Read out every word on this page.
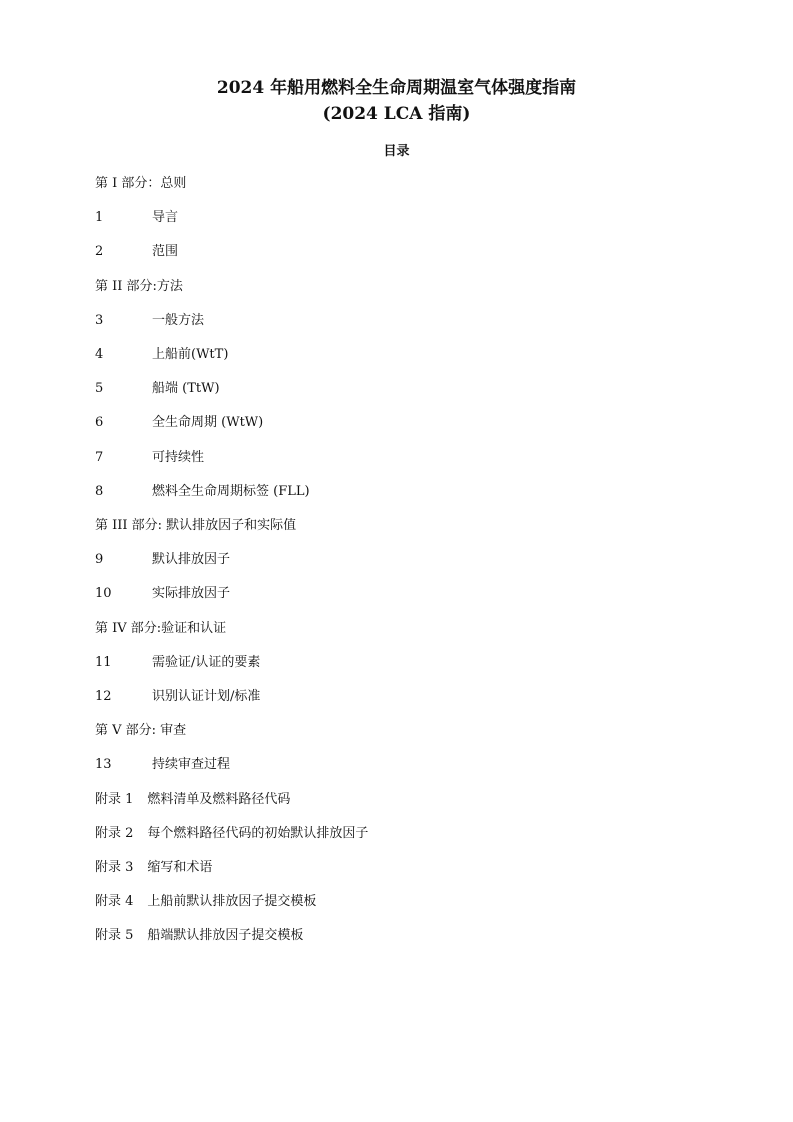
2024 年船用燃料全生命周期温室气体强度指南
(2024 LCA 指南)
目录
第 I 部分：总则
1	导言
2	范围
第 II 部分:方法
3	一般方法
4	上船前(WtT)
5	船端 (TtW)
6	全生命周期 (WtW)
7	可持续性
8	燃料全生命周期标签 (FLL)
第 III 部分: 默认排放因子和实际值
9	默认排放因子
10	实际排放因子
第 IV 部分:验证和认证
11	需验证/认证的要素
12	识别认证计划/标准
第 V 部分: 审查
13	持续审查过程
附录 1 燃料清单及燃料路径代码
附录 2 每个燃料路径代码的初始默认排放因子
附录 3 缩写和术语
附录 4 上船前默认排放因子提交模板
附录 5 船端默认排放因子提交模板
